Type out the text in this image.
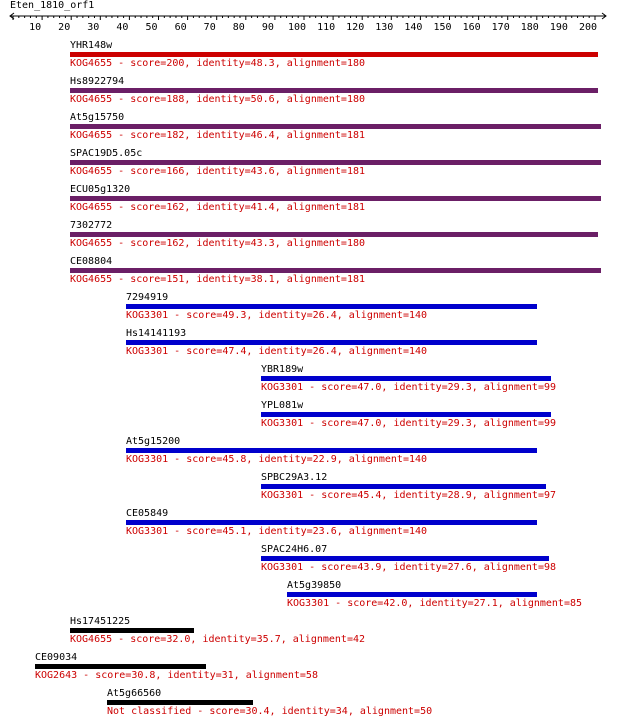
Eten_1810_orf1
10 20 30 40 50 60 70 80 90 100 110 120 130 140 150 160 170 180 190 200
YHR148w
KOG4655 - score=200, identity=48.3, alignment=180
Hs8922794
KOG4655 - score=188, identity=50.6, alignment=180
At5g15750
KOG4655 - score=182, identity=46.4, alignment=181
SPAC19D5.05c
KOG4655 - score=166, identity=43.6, alignment=181
ECU05g1320
KOG4655 - score=162, identity=41.4, alignment=181
7302772
KOG4655 - score=162, identity=43.3, alignment=180
CE08804
KOG4655 - score=151, identity=38.1, alignment=181
7294919
KOG3301 - score=49.3, identity=26.4, alignment=140
Hs14141193
KOG3301 - score=47.4, identity=26.4, alignment=140
YBR189w
KOG3301 - score=47.0, identity=29.3, alignment=99
YPL081w
KOG3301 - score=47.0, identity=29.3, alignment=99
At5g15200
KOG3301 - score=45.8, identity=22.9, alignment=140
SPBC29A3.12
KOG3301 - score=45.4, identity=28.9, alignment=97
CE05849
KOG3301 - score=45.1, identity=23.6, alignment=140
SPAC24H6.07
KOG3301 - score=43.9, identity=27.6, alignment=98
At5g39850
KOG3301 - score=42.0, identity=27.1, alignment=85
Hs17451225
KOG4655 - score=32.0, identity=35.7, alignment=42
CE09034
KOG2643 - score=30.8, identity=31, alignment=58
At5g66560
Not classified - score=30.4, identity=34, alignment=50
